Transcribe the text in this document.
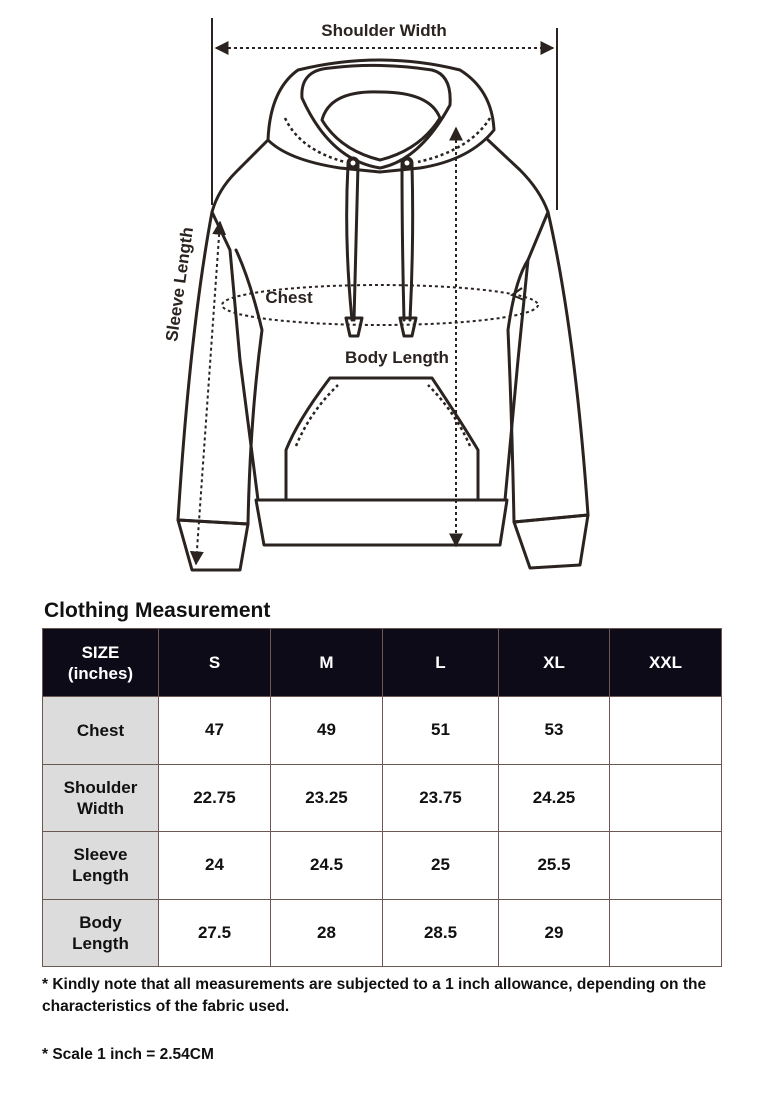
Shoulder Width
Chest
Body Length
Sleeve Length
Clothing Measurement
SIZE
(inches)	S	M	L	XL	XXL
Chest	47	49	51	53	
Shoulder
Width	22.75	23.25	23.75	24.25	
Sleeve
Length	24	24.5	25	25.5	
Body
Length	27.5	28	28.5	29	

* Kindly note that all measurements are subjected to a 1 inch allowance, depending on the characteristics of the fabric used.

* Scale 1 inch = 2.54CM
